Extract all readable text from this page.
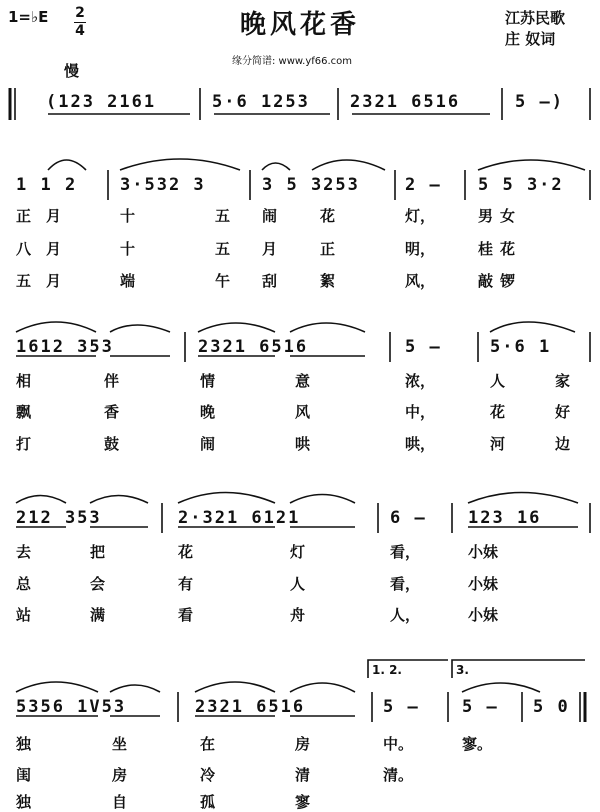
1=♭E 2
4	晚风花香	江苏民歌
庄 奴词
缘分简谱: www.yf66.com
慢
(123 2161	5·6 1253 2321 6516	5 –)
1 1 2	3·532 3	3 5 3253	2 – 5 5 3·2
正 月	十	五 闹	花	灯，	男 女
八 月	十	五 月	正	明，	桂 花
五 月	端	午 刮	絮	风，	敲 锣
1612 353	2321 6516	5 –	5·6 1
相	伴	情	意	浓，	人	家
飘	香	晚	风	中，	花	好
打	鼓	闹	哄	哄，	河	边
212 353	2·321 6121	6 – 123 16
去	把	花	灯	看，	小妹
总	会	有	人	看，	小妹
站	满	看	舟	人，	小妹
1. 2.	3.
5356 1V53	2321 6516	5 – 5 – 5 0
独	坐	在	房	中。	寥。
闺	房	冷	清	清。
独	自	孤	寥
